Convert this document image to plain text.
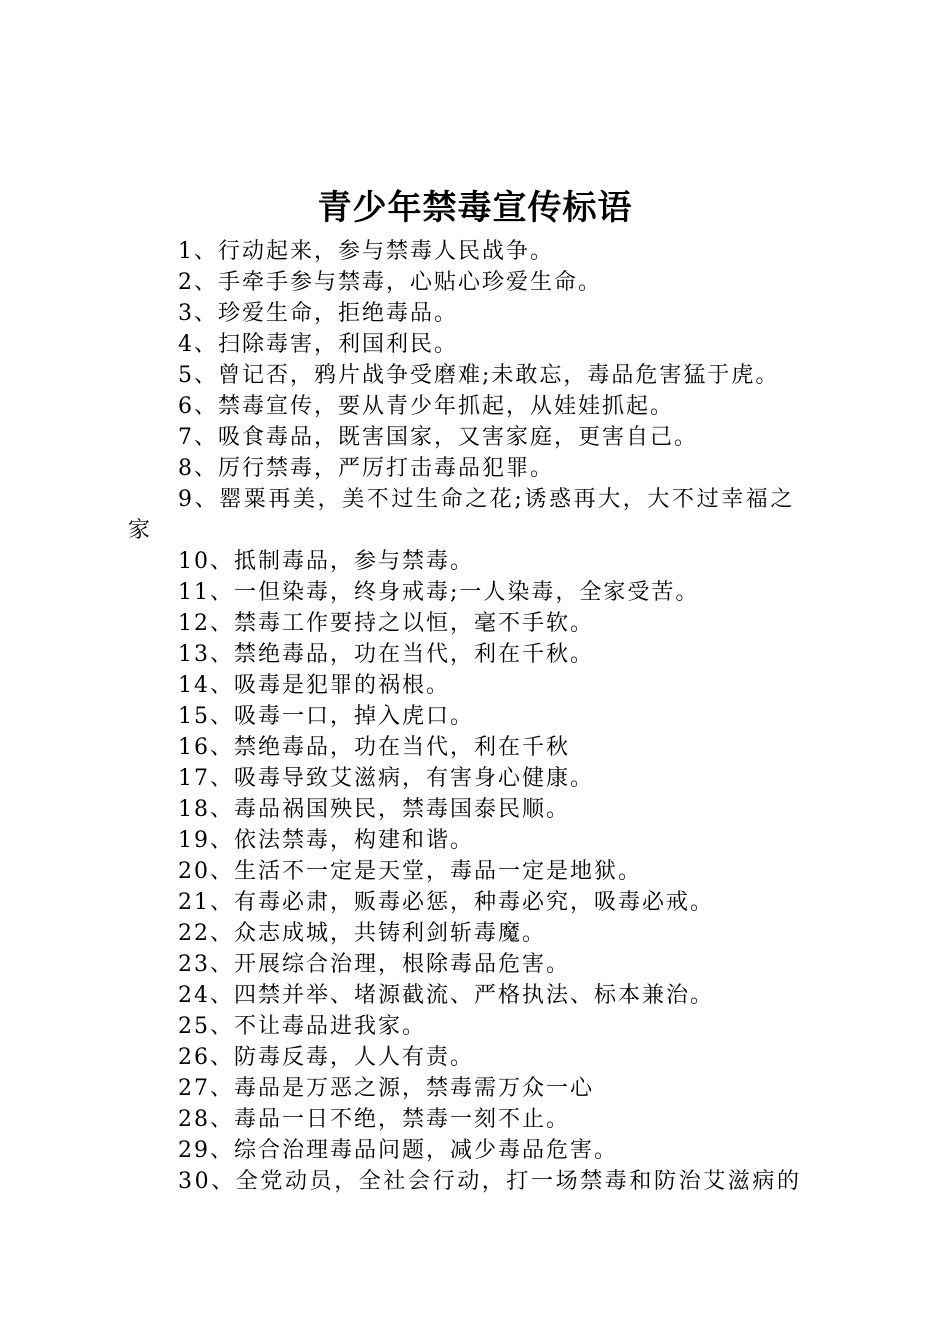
青少年禁毒宣传标语
1、行动起来，参与禁毒人民战争。
2、手牵手参与禁毒，心贴心珍爱生命。
3、珍爱生命，拒绝毒品。
4、扫除毒害，利国利民。
5、曾记否，鸦片战争受磨难;未敢忘，毒品危害猛于虎。
6、禁毒宣传，要从青少年抓起，从娃娃抓起。
7、吸食毒品，既害国家，又害家庭，更害自己。
8、厉行禁毒，严厉打击毒品犯罪。
9、罂粟再美，美不过生命之花;诱惑再大，大不过幸福之
家
10、抵制毒品，参与禁毒。
11、一但染毒，终身戒毒;一人染毒，全家受苦。
12、禁毒工作要持之以恒，毫不手软。
13、禁绝毒品，功在当代，利在千秋。
14、吸毒是犯罪的祸根。
15、吸毒一口，掉入虎口。
16、禁绝毒品，功在当代，利在千秋
17、吸毒导致艾滋病，有害身心健康。
18、毒品祸国殃民，禁毒国泰民顺。
19、依法禁毒，构建和谐。
20、生活不一定是天堂，毒品一定是地狱。
21、有毒必肃，贩毒必惩，种毒必究，吸毒必戒。
22、众志成城，共铸利剑斩毒魔。
23、开展综合治理，根除毒品危害。
24、四禁并举、堵源截流、严格执法、标本兼治。
25、不让毒品进我家。
26、防毒反毒，人人有责。
27、毒品是万恶之源，禁毒需万众一心
28、毒品一日不绝，禁毒一刻不止。
29、综合治理毒品问题，减少毒品危害。
30、全党动员，全社会行动，打一场禁毒和防治艾滋病的
